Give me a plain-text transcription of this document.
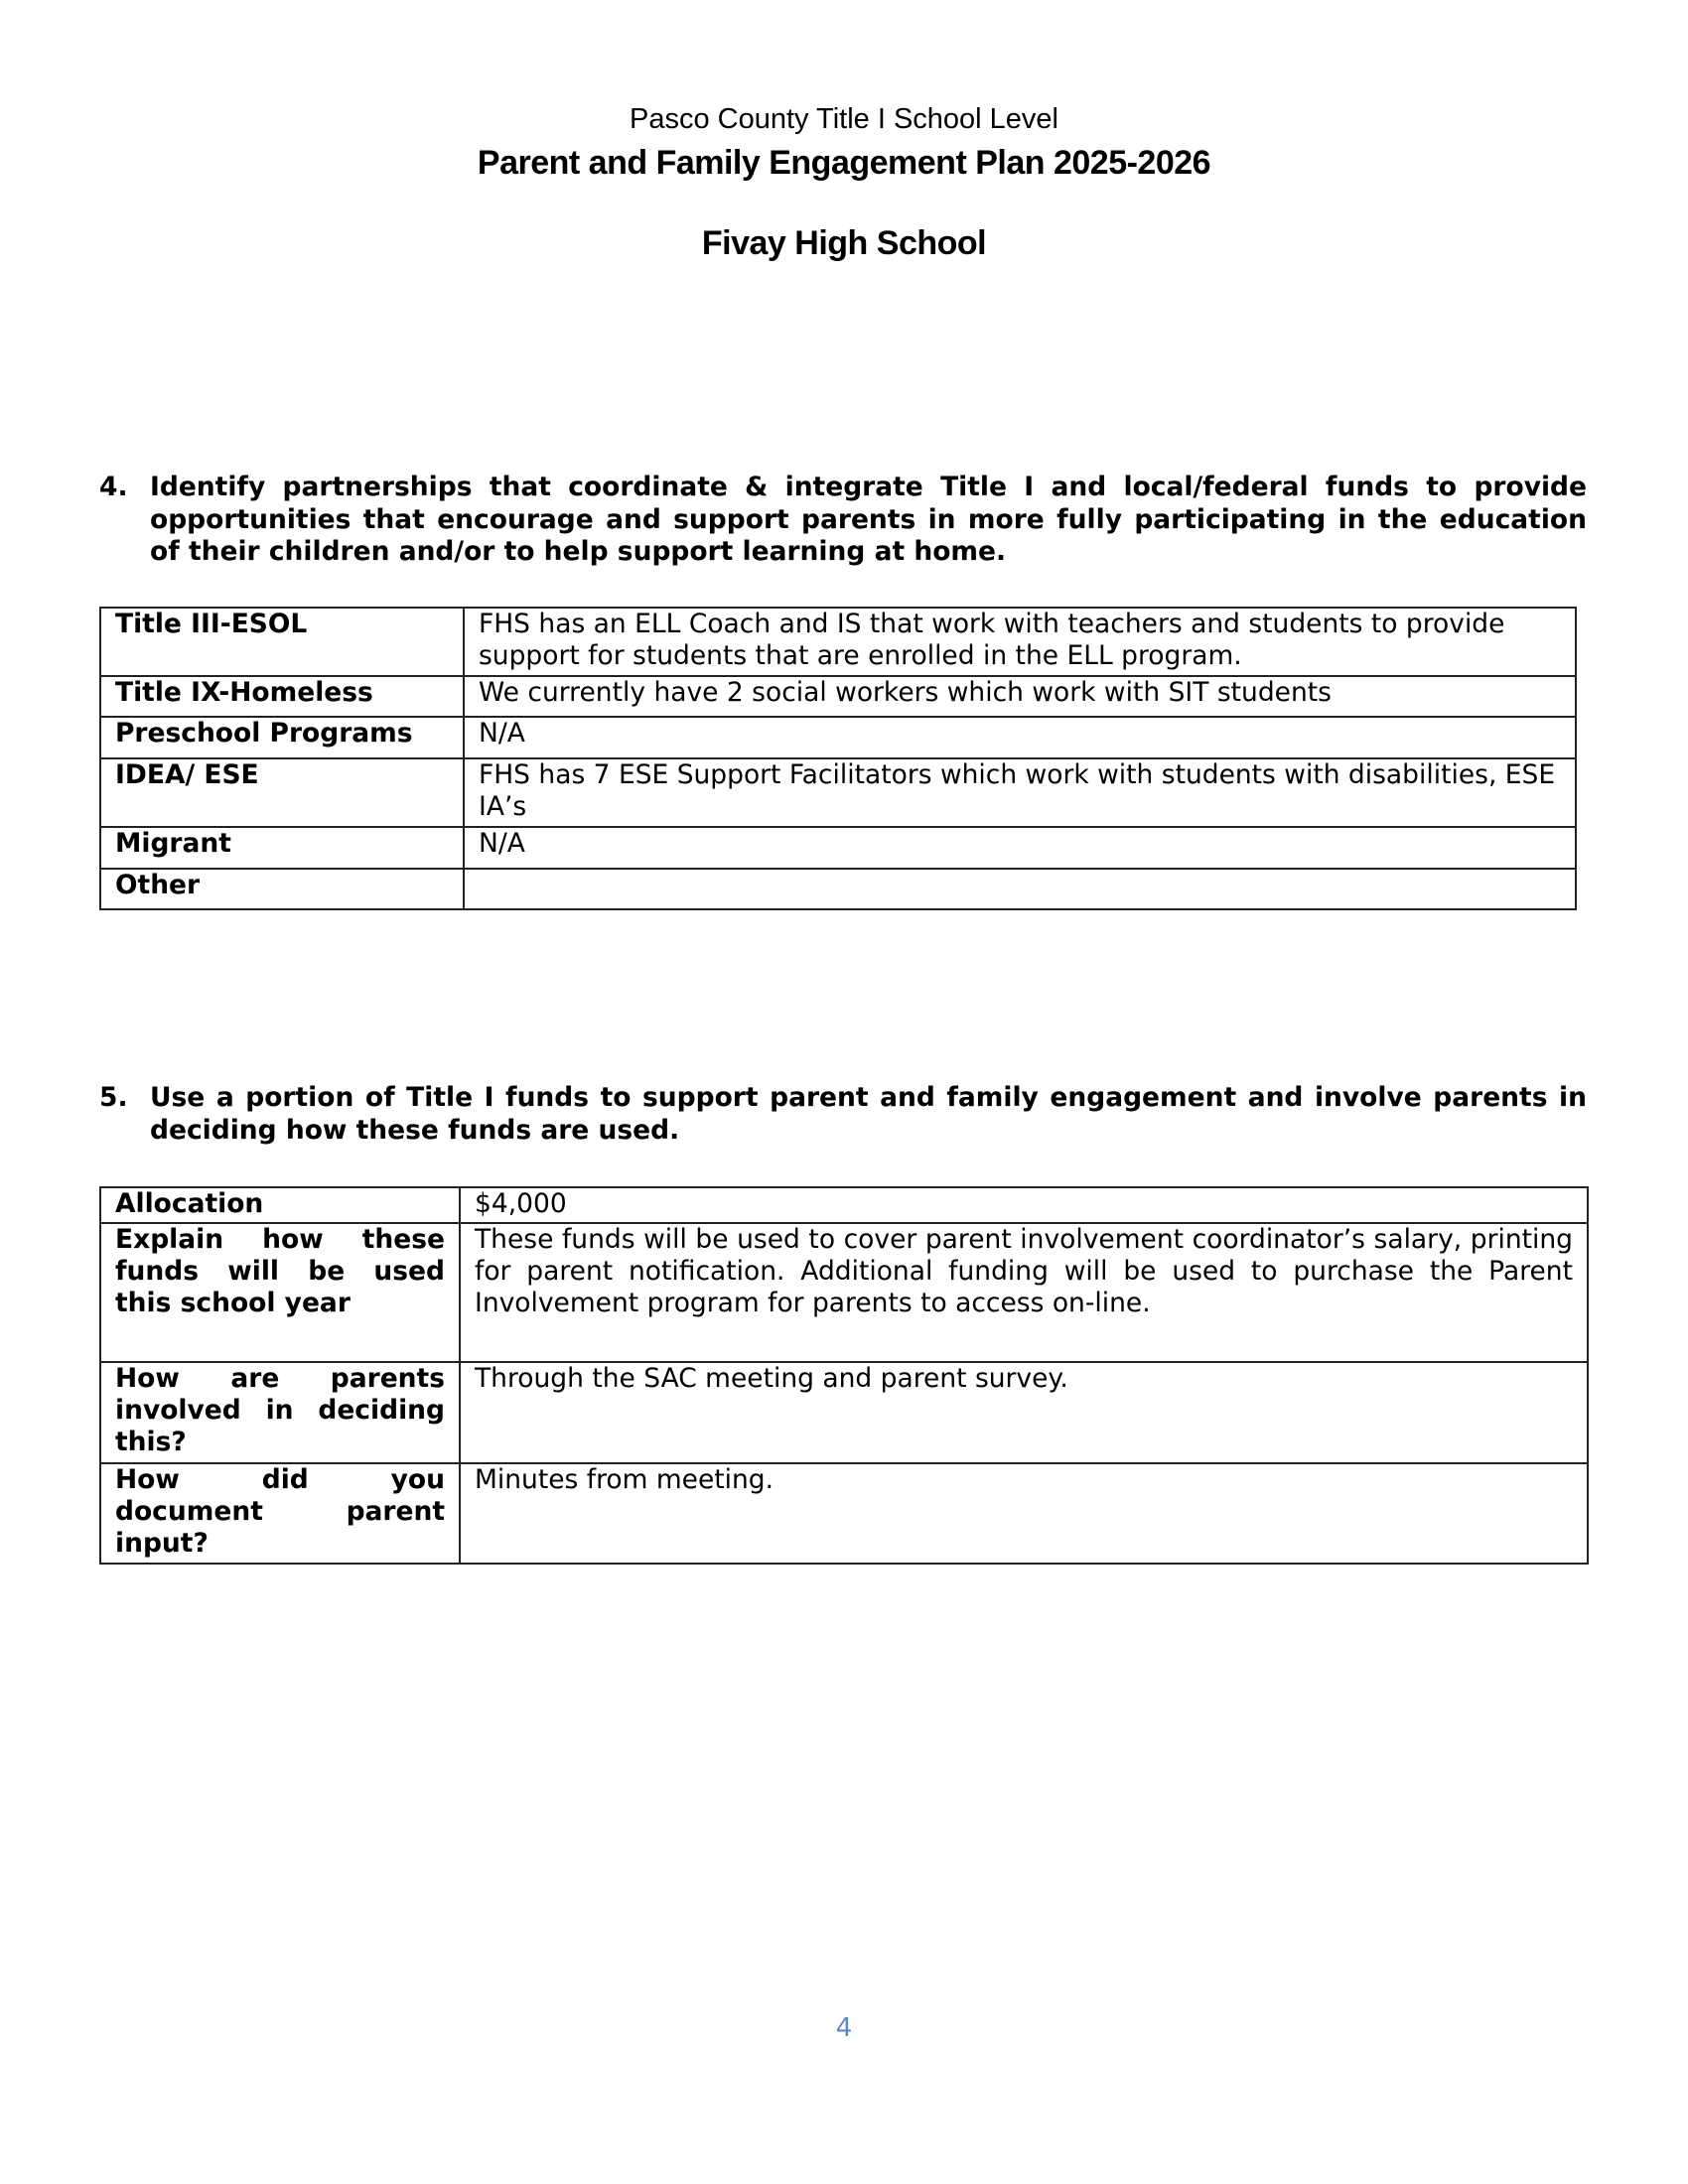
Pasco County Title I School Level
Parent and Family Engagement Plan 2025-2026
Fivay High School
4. Identify partnerships that coordinate & integrate Title I and local/federal funds to provide opportunities that encourage and support parents in more fully participating in the education of their children and/or to help support learning at home.
Title III-ESOL	FHS has an ELL Coach and IS that work with teachers and students to provide support for students that are enrolled in the ELL program.
Title IX-Homeless	We currently have 2 social workers which work with SIT students
Preschool Programs	N/A
IDEA/ ESE	FHS has 7 ESE Support Facilitators which work with students with disabilities, ESE IA’s
Migrant	N/A
Other	
5. Use a portion of Title I funds to support parent and family engagement and involve parents in deciding how these funds are used.
Allocation	$4,000
Explain how these funds will be used this school year	These funds will be used to cover parent involvement coordinator’s salary, printing for parent notification. Additional funding will be used to purchase the Parent Involvement program for parents to access on-line.
How are parents involved in deciding this?	Through the SAC meeting and parent survey.
How did you document parent input?	Minutes from meeting.
4
